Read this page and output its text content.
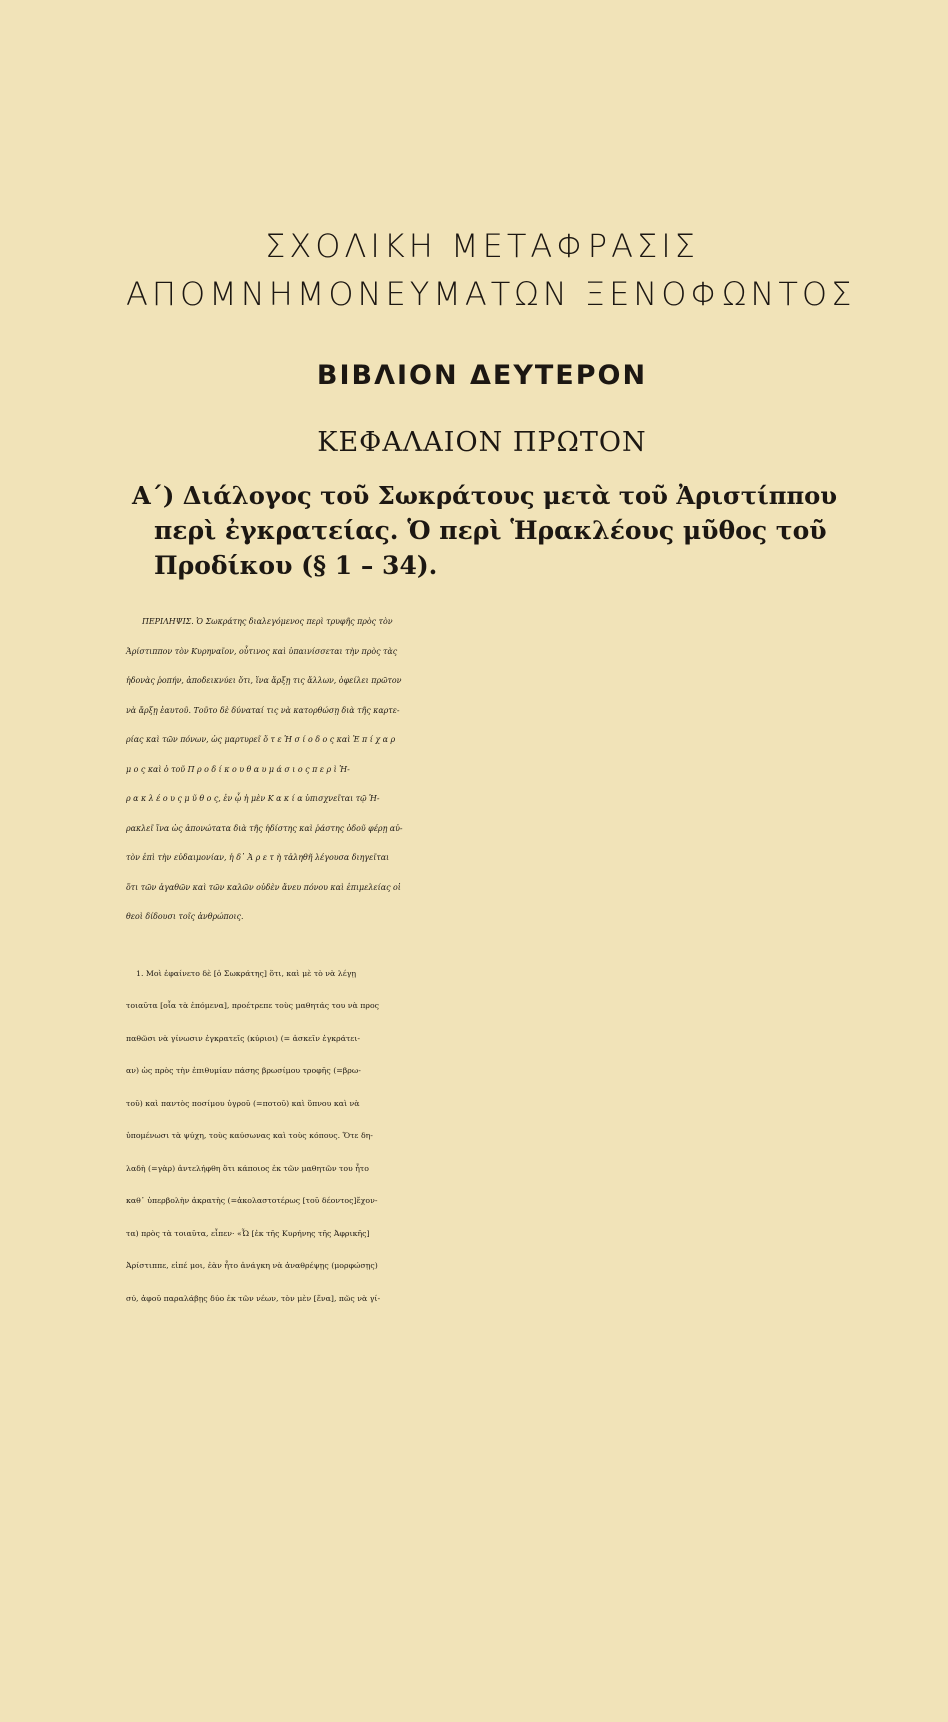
ΣΧΟΛΙΚΗ ΜΕΤΑΦΡΑΣΙΣ
ΑΠΟΜΝΗΜΟΝΕΥΜΑΤΩΝ ΞΕΝΟΦΩΝΤΟΣ
ΒΙΒΛΙΟΝ ΔΕΥΤΕΡΟΝ
ΚΕΦΑΛΑΙΟΝ ΠΡΩΤΟΝ

Α΄) Διάλογος τοῦ Σωκράτους μετὰ τοῦ Ἀριστίππου

περὶ ἐγκρατείας. Ὁ περὶ Ἡρακλέους μῦθος τοῦ

Προδίκου (§ 1 – 34).

ΠΕΡΙΛΗΨΙΣ. Ὁ Σωκράτης διαλεγόμενος περὶ τρυφῆς πρὸς τὸν

Ἀρίστιππον τὸν Κυρηναῖον, οὗτινος καὶ ὑπαινίσσεται τὴν πρὸς τὰς

ἡδονὰς ῥοπήν, ἀποδεικνύει ὅτι, ἵνα ἄρξῃ τις ἄλλων, ὀφείλει πρῶτον

νὰ ἄρξῃ ἑαυτοῦ. Τοῦτο δὲ δύναταί τις νὰ κατορθώσῃ διὰ τῆς καρτε-

ρίας καὶ τῶν πόνων, ὡς μαρτυρεῖ ὅ τ ε Ἡ σ ί ο δ ο ς καὶ Ἐ π ί χ α ρ

μ ο ς καὶ ὁ τοῦ Π ρ ο δ ί κ ο υ θ α υ μ ά σ ι ο ς π ε ρ ὶ Ἡ-

ρ α κ λ έ ο υ ς μ ῦ θ ο ς, ἐν ᾧ ἡ μὲν Κ α κ ί α ὑπισχνεῖται τῷ Ἡ-

ρακλεῖ ἵνα ὡς ἀπονώτατα διὰ τῆς ἡδίστης καὶ ῥάστης ὁδοῦ φέρῃ αὐ-

τὸν ἐπὶ τὴν εὐδαιμονίαν, ἡ δ᾽ Ἀ ρ ε τ ὴ τἀληθῆ λέγουσα διηγεῖται

ὅτι τῶν ἀγαθῶν καὶ τῶν καλῶν οὐδὲν ἄνευ πόνου καὶ ἐπιμελείας οἱ

θεοὶ δίδουσι τοῖς ἀνθρώποις.

1. Μοὶ ἐφαίνετο δὲ [ὁ Σωκράτης] ὅτι, καὶ μὲ τὸ νὰ λέγῃ

τοιαῦτα [οἷα τὰ ἑπόμενα], προέτρεπε τοὺς μαθητάς του νὰ προς

παθῶσι νὰ γίνωσιν ἐγκρατεῖς (κύριοι) (= ἀσκεῖν ἐγκράτει-

αν) ὡς πρὸς τὴν ἐπιθυμίαν πάσης βρωσίμου τροφῆς (=βρω-

τοῦ) καὶ παντὸς ποσίμου ὑγροῦ (=ποτοῦ) καὶ ὕπνου καὶ νὰ

ὑπομένωσι τὰ ψύχη, τοὺς καύσωνας καὶ τοὺς κόπους. Ὅτε δη-

λαδὴ (=γὰρ) ἀντελήφθη ὅτι κάποιος ἐκ τῶν μαθητῶν του ἦτο

καθ᾽ ὑπερβολὴν ἀκρατὴς (=ἀκολαστοτέρως [τοῦ δέοντος]ἔχον-

τα) πρὸς τὰ τοιαῦτα, εἶπεν· «Ὦ [ἐκ τῆς Κυρήνης τῆς Ἀφρικῆς]

Ἀρίστιππε, εἰπέ μοι, ἐὰν ἦτο ἀνάγκη νὰ ἀναθρέψῃς (μορφώσῃς)

σύ, ἀφοῦ παραλάβῃς δύο ἐκ τῶν νέων, τὸν μὲν [ἕνα], πῶς νὰ γί-
